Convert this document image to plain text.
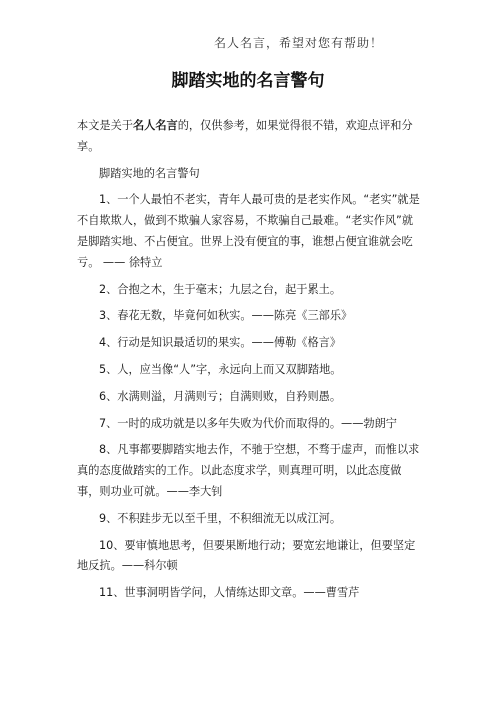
名人名言，希望对您有帮助！
脚踏实地的名言警句

本文是关于名人名言的，仅供参考，如果觉得很不错，欢迎点评和分享。

脚踏实地的名言警句

1、一个人最怕不老实，青年人最可贵的是老实作风。“老实”就是不自欺欺人，做到不欺骗人家容易，不欺骗自己最难。“老实作风”就是脚踏实地、不占便宜。世界上没有便宜的事，谁想占便宜谁就会吃亏。 —— 徐特立

2、合抱之木，生于毫末；九层之台，起于累土。

3、春花无数，毕竟何如秋实。——陈亮《三部乐》

4、行动是知识最适切的果实。——傅勒《格言》

5、人，应当像“人”字，永远向上而又双脚踏地。

6、水满则溢，月满则亏；自满则败，自矜则愚。

7、一时的成功就是以多年失败为代价而取得的。——勃朗宁

8、凡事都要脚踏实地去作，不驰于空想，不骛于虚声，而惟以求真的态度做踏实的工作。以此态度求学，则真理可明，以此态度做事，则功业可就。——李大钊

9、不积跬步无以至千里，不积细流无以成江河。

10、要审慎地思考，但要果断地行动；要宽宏地谦让，但要坚定地反抗。——科尔顿

11、世事洞明皆学问，人情练达即文章。——曹雪芹
